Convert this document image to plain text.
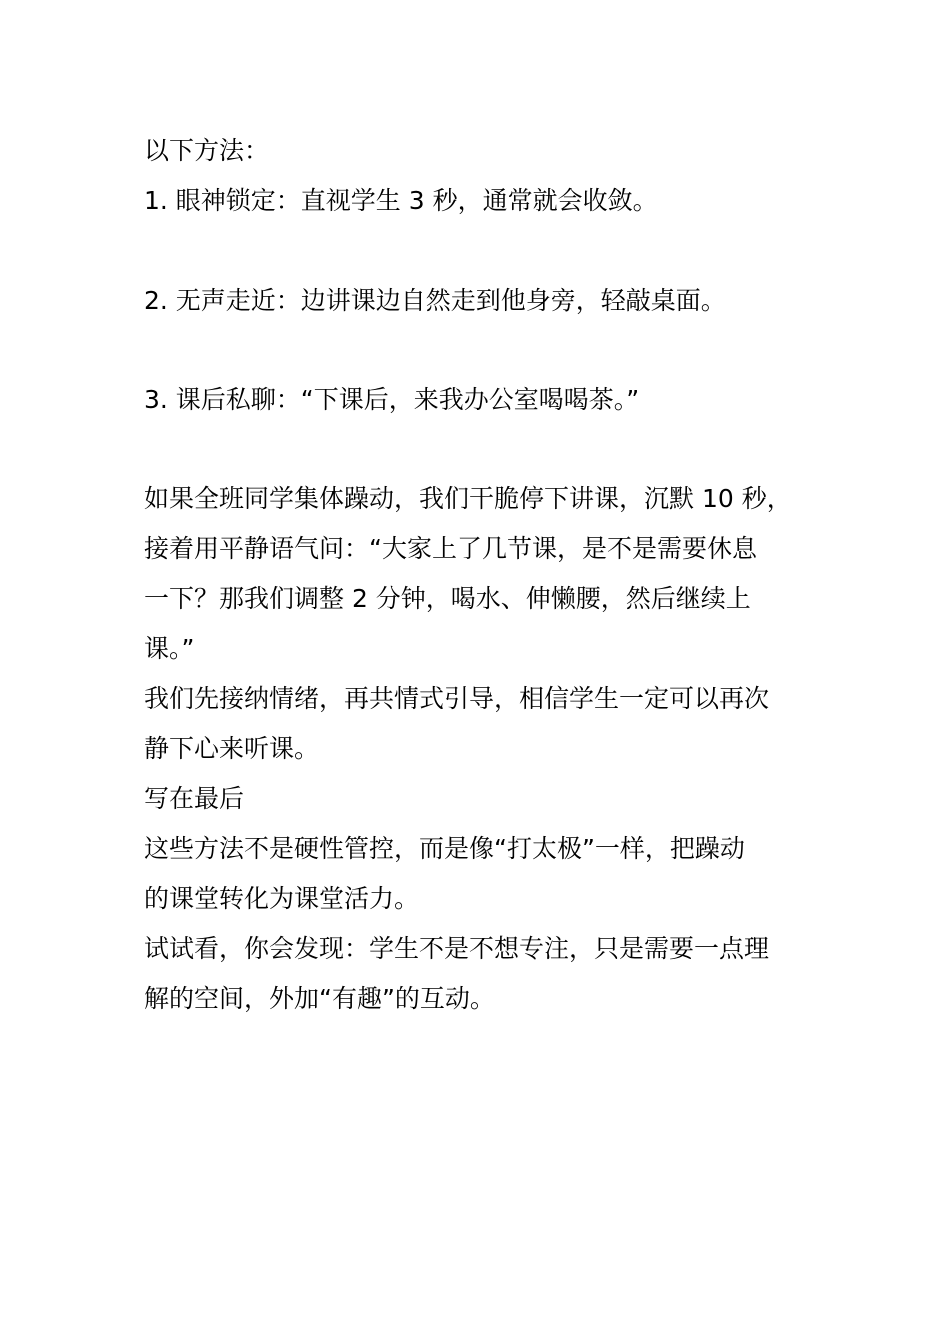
以下方法：
1. 眼神锁定：直视学生 3 秒，通常就会收敛。
2. 无声走近：边讲课边自然走到他身旁，轻敲桌面。
3. 课后私聊：“下课后，来我办公室喝喝茶。”
如果全班同学集体躁动，我们干脆停下讲课，沉默 10 秒，
接着用平静语气问：“大家上了几节课，是不是需要休息
一下？那我们调整 2 分钟，喝水、伸懒腰，然后继续上
课。”
我们先接纳情绪，再共情式引导，相信学生一定可以再次
静下心来听课。
写在最后
这些方法不是硬性管控，而是像“打太极”一样，把躁动
的课堂转化为课堂活力。
试试看，你会发现：学生不是不想专注，只是需要一点理
解的空间，外加“有趣”的互动。
